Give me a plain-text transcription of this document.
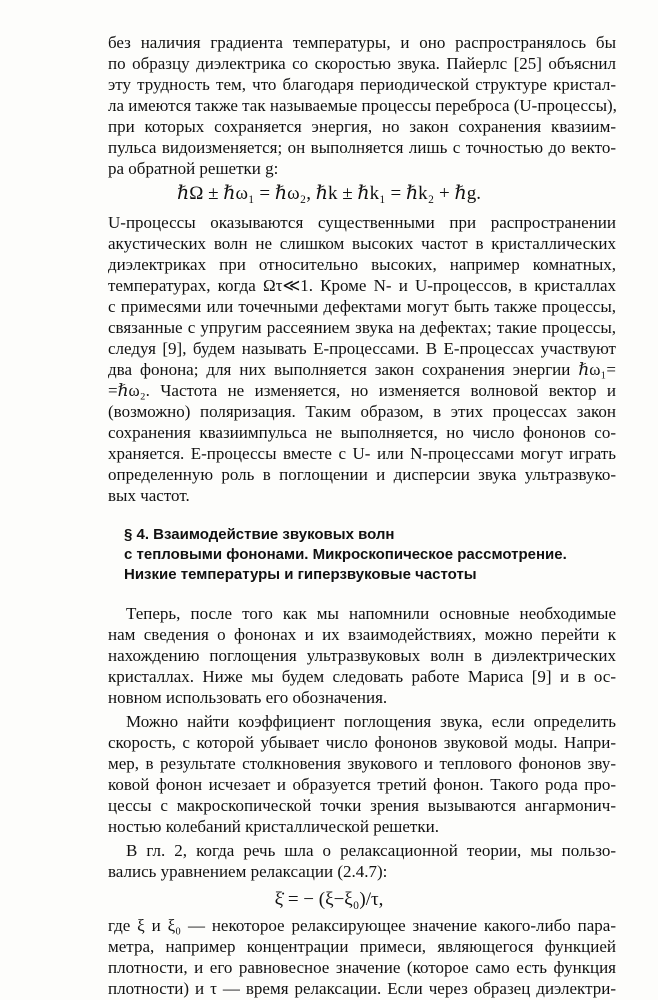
без наличия градиента температуры, и оно распространялось бы
по образцу диэлектрика со скоростью звука. Пайерлс [25] объяснил
эту трудность тем, что благодаря периодической структуре кристал-
ла имеются также так называемые процессы переброса (U-процессы),
при которых сохраняется энергия, но закон сохранения квазиим-
пульса видоизменяется; он выполняется лишь с точностью до векто-
ра обратной решетки g:
ℏΩ ± ℏω₁ = ℏω₂, ℏk ± ℏk₁ = ℏk₂ + ℏg.
U-процессы оказываются существенными при распространении
акустических волн не слишком высоких частот в кристаллических
диэлектриках при относительно высоких, например комнатных,
температурах, когда Ωτ≪1. Кроме N- и U-процессов, в кристаллах
с примесями или точечными дефектами могут быть также процессы,
связанные с упругим рассеянием звука на дефектах; такие процессы,
следуя [9], будем называть E-процессами. В E-процессах участвуют
два фонона; для них выполняется закон сохранения энергии ℏω₁=
=ℏω₂. Частота не изменяется, но изменяется волновой вектор и
(возможно) поляризация. Таким образом, в этих процессах закон
сохранения квазиимпульса не выполняется, но число фононов со-
храняется. E-процессы вместе с U- или N-процессами могут играть
определенную роль в поглощении и дисперсии звука ультразвуко-
вых частот.
§ 4. Взаимодействие звуковых волн
с тепловыми фононами. Микроскопическое рассмотрение.
Низкие температуры и гиперзвуковые частоты
Теперь, после того как мы напомнили основные необходимые
нам сведения о фононах и их взаимодействиях, можно перейти к
нахождению поглощения ультразвуковых волн в диэлектрических
кристаллах. Ниже мы будем следовать работе Мариса [9] и в ос-
новном использовать его обозначения.
Можно найти коэффициент поглощения звука, если определить
скорость, с которой убывает число фононов звуковой моды. Напри-
мер, в результате столкновения звукового и теплового фононов зву-
ковой фонон исчезает и образуется третий фонон. Такого рода про-
цессы с макроскопической точки зрения вызываются ангармонич-
ностью колебаний кристаллической решетки.
В гл. 2, когда речь шла о релаксационной теории, мы пользо-
вались уравнением релаксации (2.4.7):
ξ̇ = − (ξ−ξ₀)/τ,
где ξ и ξ₀ — некоторое релаксирующее значение какого-либо пара-
метра, например концентрации примеси, являющегося функцией
плотности, и его равновесное значение (которое само есть функция
плотности) и τ — время релаксации. Если через образец диэлектри-
